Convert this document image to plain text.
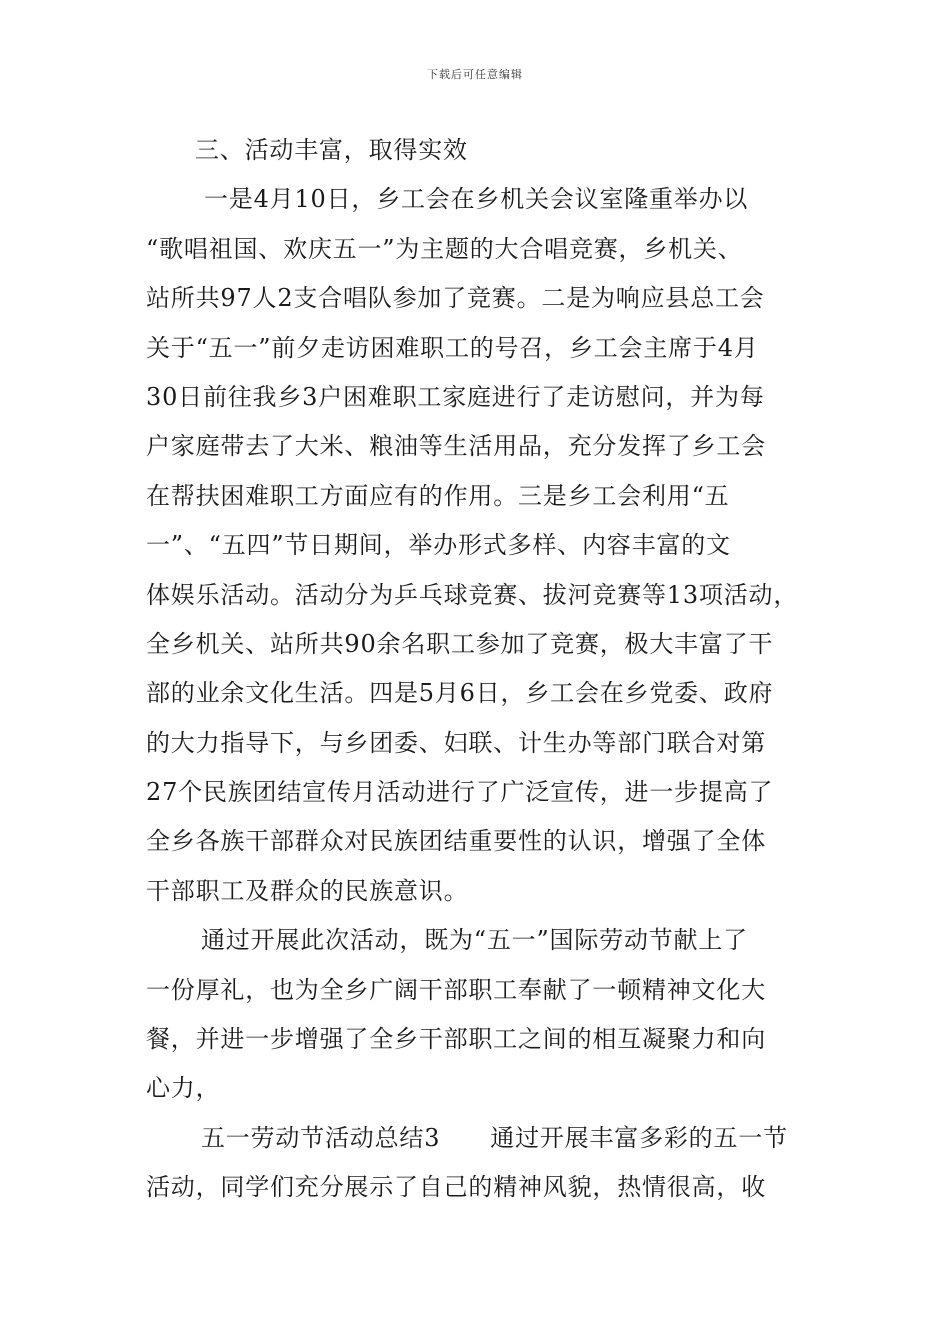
下载后可任意编辑
三、活动丰富，取得实效
一是4月10日，乡工会在乡机关会议室隆重举办以
“歌唱祖国、欢庆五一”为主题的大合唱竞赛，乡机关、
站所共97人2支合唱队参加了竞赛。二是为响应县总工会
关于“五一”前夕走访困难职工的号召，乡工会主席于4月
30日前往我乡3户困难职工家庭进行了走访慰问，并为每
户家庭带去了大米、粮油等生活用品，充分发挥了乡工会
在帮扶困难职工方面应有的作用。三是乡工会利用“五
一”、“五四”节日期间，举办形式多样、内容丰富的文
体娱乐活动。活动分为乒乓球竞赛、拔河竞赛等13项活动，
全乡机关、站所共90余名职工参加了竞赛，极大丰富了干
部的业余文化生活。四是5月6日，乡工会在乡党委、政府
的大力指导下，与乡团委、妇联、计生办等部门联合对第
27个民族团结宣传月活动进行了广泛宣传，进一步提高了
全乡各族干部群众对民族团结重要性的认识，增强了全体
干部职工及群众的民族意识。
通过开展此次活动，既为“五一”国际劳动节献上了
一份厚礼，也为全乡广阔干部职工奉献了一顿精神文化大
餐，并进一步增强了全乡干部职工之间的相互凝聚力和向
心力，
五一劳动节活动总结3 通过开展丰富多彩的五一节
活动，同学们充分展示了自己的精神风貌，热情很高，收
